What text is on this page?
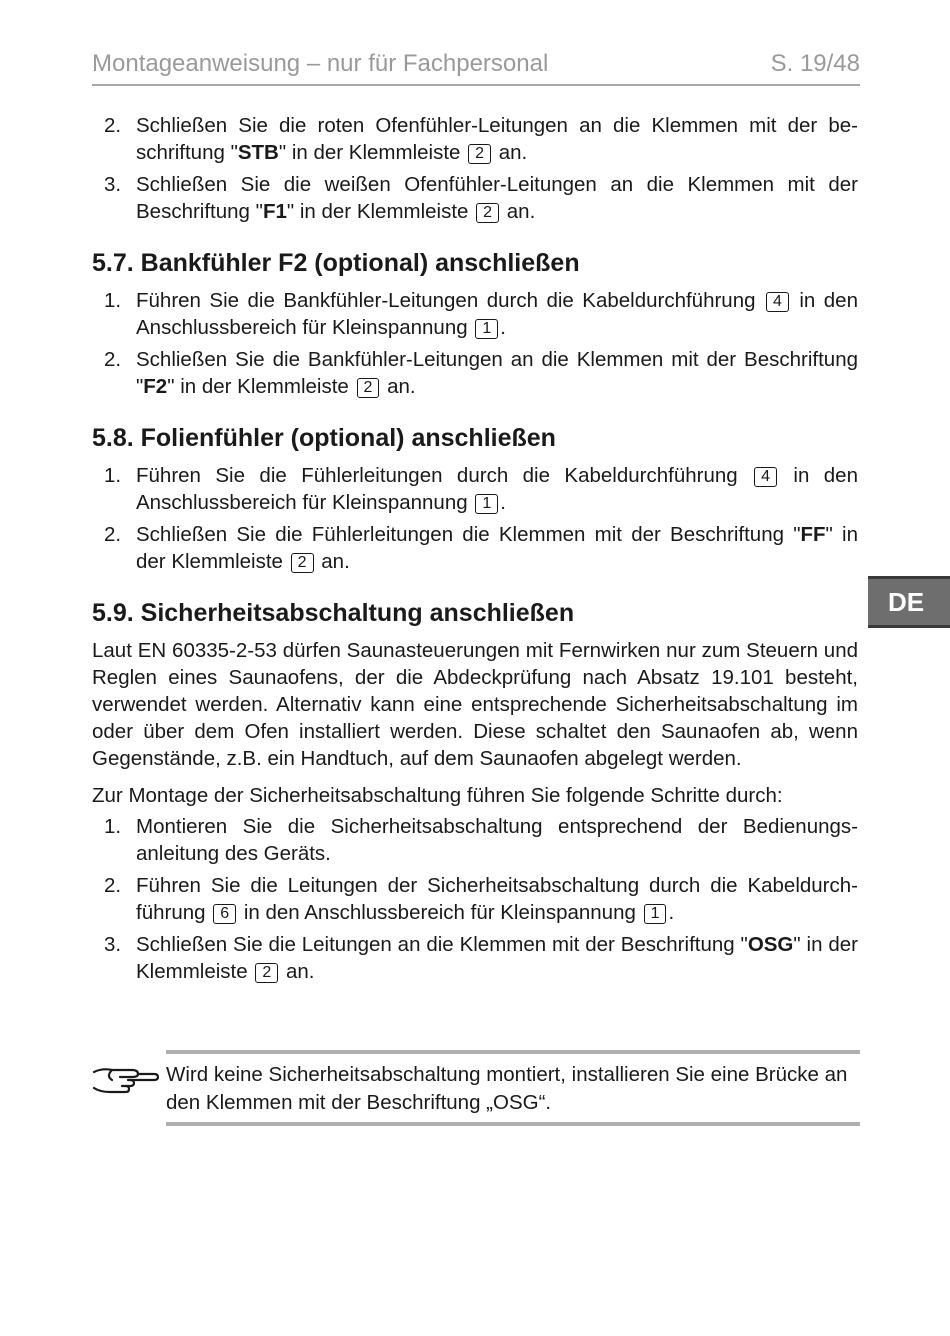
Montageanweisung – nur für Fachpersonal	S. 19/48
DE
2. Schließen Sie die roten Ofenfühler-Leitungen an die Klemmen mit der beschriftung "STB" in der Klemmleiste 2 an.
3. Schließen Sie die weißen Ofenfühler-Leitungen an die Klemmen mit der Beschriftung "F1" in der Klemmleiste 2 an.
5.7. Bankfühler F2 (optional) anschließen
1. Führen Sie die Bankfühler-Leitungen durch die Kabeldurchführung 4 in den Anschlussbereich für Kleinspannung 1 .
2. Schließen Sie die Bankfühler-Leitungen an die Klemmen mit der Beschriftung "F2" in der Klemmleiste 2 an.
5.8. Folienfühler (optional) anschließen
1. Führen Sie die Fühlerleitungen durch die Kabeldurchführung 4 in den Anschlussbereich für Kleinspannung 1 .
2. Schließen Sie die Fühlerleitungen die Klemmen mit der Beschriftung "FF" in der Klemmleiste 2 an.
5.9. Sicherheitsabschaltung anschließen

Laut EN 60335-2-53 dürfen Saunasteuerungen mit Fernwirken nur zum Steuern und Reglen eines Saunaofens, der die Abdeckprüfung nach Absatz 19.101 besteht, verwendet werden. Alternativ kann eine entsprechende Sicherheitsabschaltung im oder über dem Ofen installiert werden. Diese schaltet den Saunaofen ab, wenn Gegenstände, z.B. ein Handtuch, auf dem Saunaofen abgelegt werden.

Zur Montage der Sicherheitsabschaltung führen Sie folgende Schritte durch:

1. Montieren Sie die Sicherheitsabschaltung entsprechend der Bedienungsanleitung des Geräts.
2. Führen Sie die Leitungen der Sicherheitsabschaltung durch die Kabeldurchführung 6 in den Anschlussbereich für Kleinspannung 1 .
3. Schließen Sie die Leitungen an die Klemmen mit der Beschriftung "OSG" in der Klemmleiste 2 an.
Wird keine Sicherheitsabschaltung montiert, installieren Sie eine Brücke an den Klemmen mit der Beschriftung „OSG“.
